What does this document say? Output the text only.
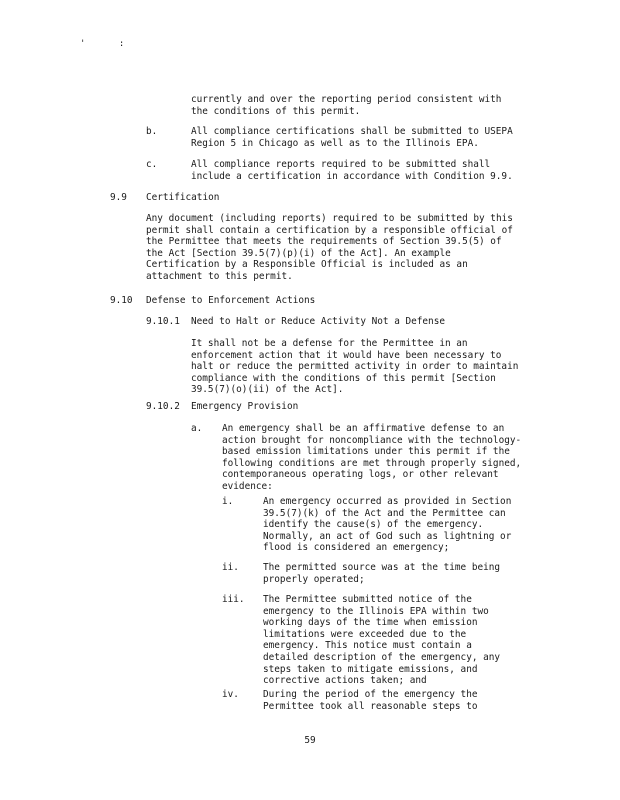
' :
currently and over the reporting period consistent with
the conditions of this permit.
b.	All compliance certifications shall be submitted to USEPA
Region 5 in Chicago as well as to the Illinois EPA.
c.	All compliance reports required to be submitted shall
include a certification in accordance with Condition 9.9.
9.9 Certification
Any document (including reports) required to be submitted by this
permit shall contain a certification by a responsible official of
the Permittee that meets the requirements of Section 39.5(5) of
the Act [Section 39.5(7)(p)(i) of the Act]. An example
Certification by a Responsible Official is included as an
attachment to this permit.
9.10 Defense to Enforcement Actions
9.10.1 Need to Halt or Reduce Activity Not a Defense
It shall not be a defense for the Permittee in an
enforcement action that it would have been necessary to
halt or reduce the permitted activity in order to maintain
compliance with the conditions of this permit [Section
39.5(7)(o)(ii) of the Act].
9.10.2 Emergency Provision
a. An emergency shall be an affirmative defense to an
action brought for noncompliance with the technology-
based emission limitations under this permit if the
following conditions are met through properly signed,
contemporaneous operating logs, or other relevant
evidence:
i.	An emergency occurred as provided in Section
39.5(7)(k) of the Act and the Permittee can
identify the cause(s) of the emergency.
Normally, an act of God such as lightning or
flood is considered an emergency;
ii.	The permitted source was at the time being
properly operated;
iii. The Permittee submitted notice of the
emergency to the Illinois EPA within two
working days of the time when emission
limitations were exceeded due to the
emergency. This notice must contain a
detailed description of the emergency, any
steps taken to mitigate emissions, and
corrective actions taken; and
iv.	During the period of the emergency the
Permittee took all reasonable steps to
59
